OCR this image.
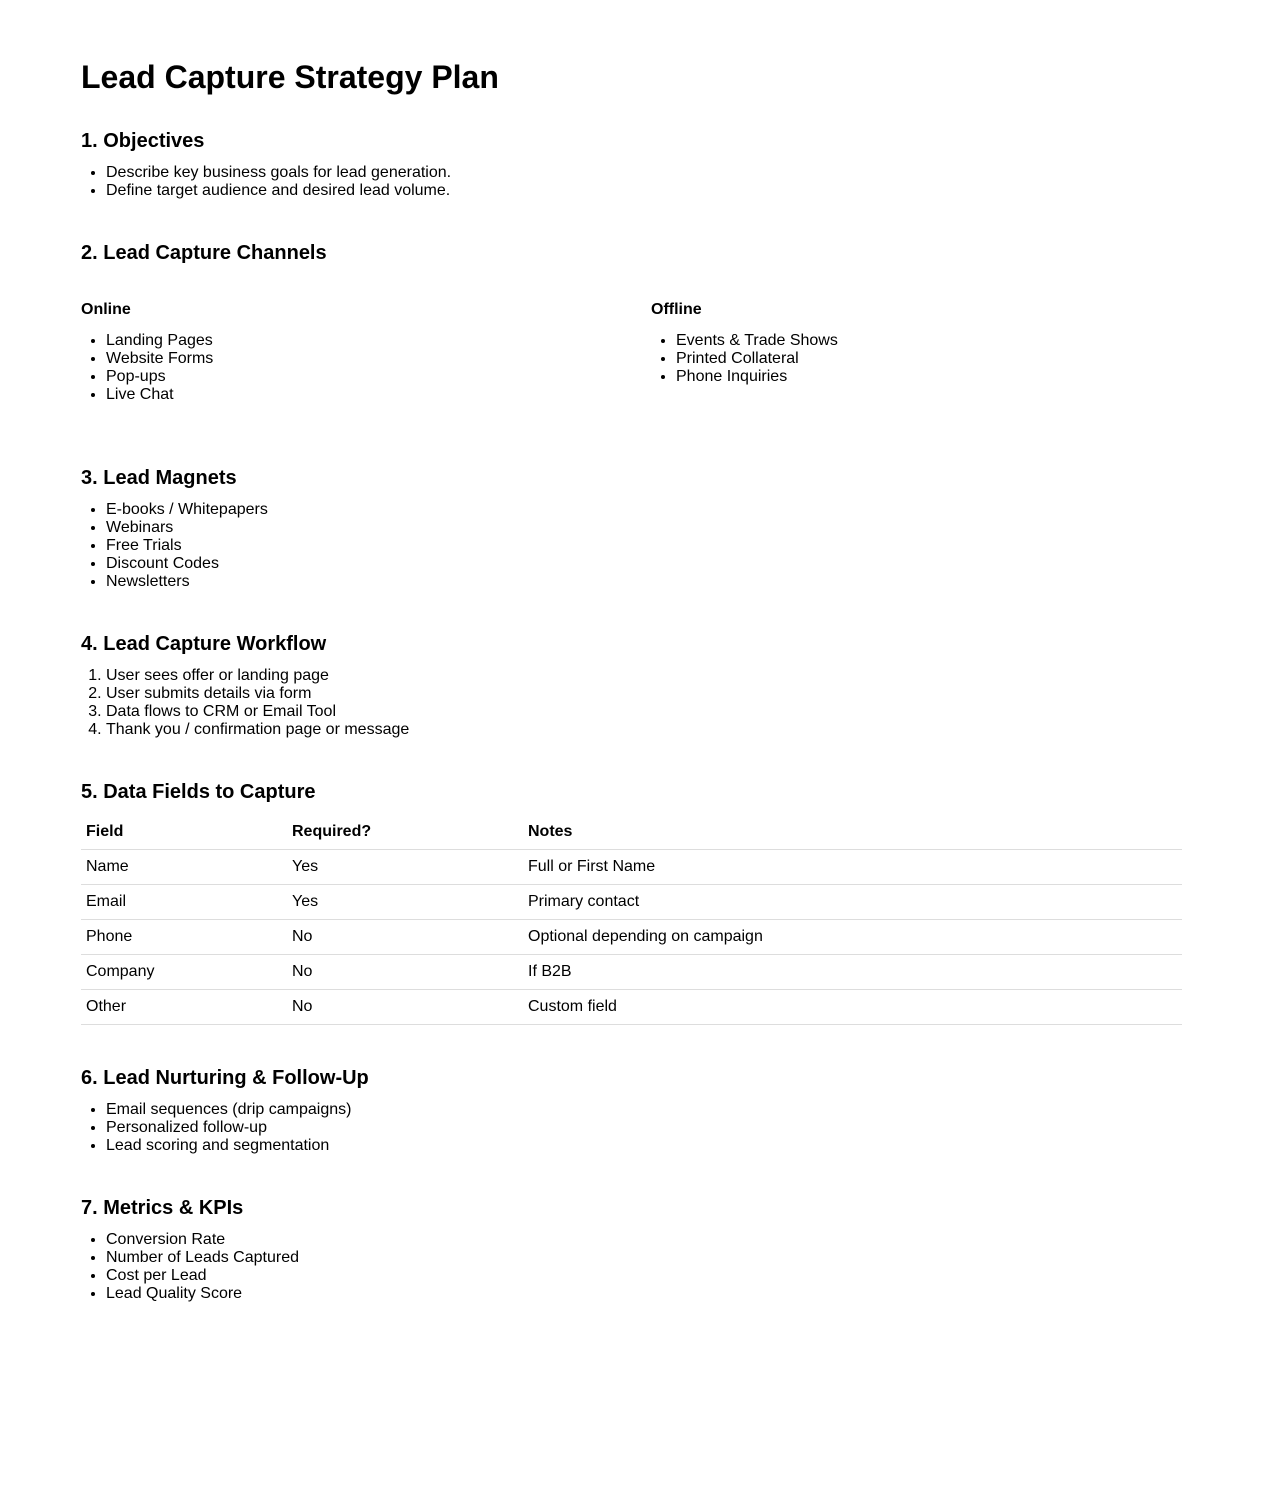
Lead Capture Strategy Plan
1. Objectives
• Describe key business goals for lead generation.
• Define target audience and desired lead volume.
2. Lead Capture Channels
Online
• Landing Pages
• Website Forms
• Pop-ups
• Live Chat
Offline
• Events & Trade Shows
• Printed Collateral
• Phone Inquiries
3. Lead Magnets
• E-books / Whitepapers
• Webinars
• Free Trials
• Discount Codes
• Newsletters
4. Lead Capture Workflow
1. User sees offer or landing page
2. User submits details via form
3. Data flows to CRM or Email Tool
4. Thank you / confirmation page or message
5. Data Fields to Capture
Field	Required?	Notes
Name	Yes	Full or First Name
Email	Yes	Primary contact
Phone	No	Optional depending on campaign
Company	No	If B2B
Other	No	Custom field
6. Lead Nurturing & Follow-Up
• Email sequences (drip campaigns)
• Personalized follow-up
• Lead scoring and segmentation
7. Metrics & KPIs
• Conversion Rate
• Number of Leads Captured
• Cost per Lead
• Lead Quality Score
